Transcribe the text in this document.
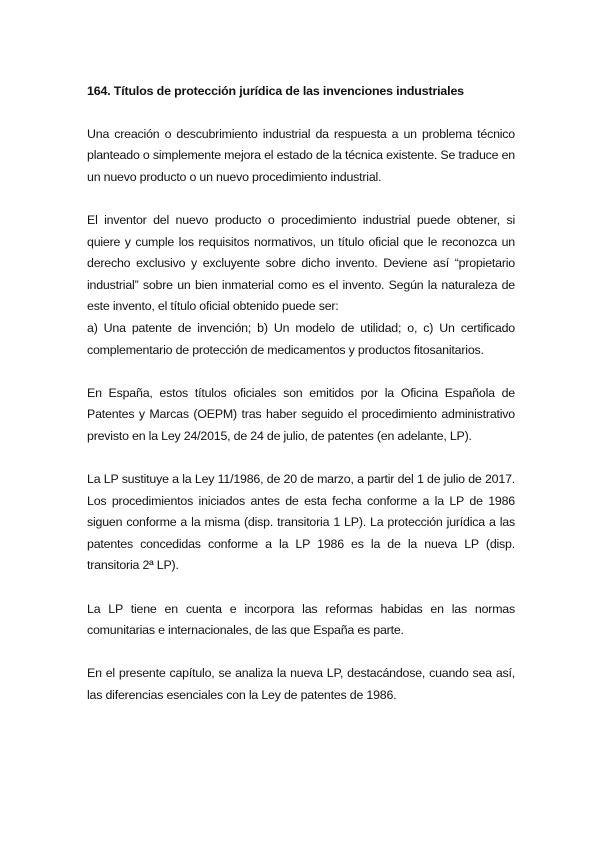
164. Títulos de protección jurídica de las invenciones industriales

Una creación o descubrimiento industrial da respuesta a un problema técnico planteado o simplemente mejora el estado de la técnica existente. Se traduce en un nuevo producto o un nuevo procedimiento industrial.

El inventor del nuevo producto o procedimiento industrial puede obtener, si quiere y cumple los requisitos normativos, un título oficial que le reconozca un derecho exclusivo y excluyente sobre dicho invento. Deviene así “propietario industrial” sobre un bien inmaterial como es el invento. Según la naturaleza de este invento, el título oficial obtenido puede ser:

a) Una patente de invención; b) Un modelo de utilidad; o, c) Un certificado complementario de protección de medicamentos y productos fitosanitarios.

En España, estos títulos oficiales son emitidos por la Oficina Española de Patentes y Marcas (OEPM) tras haber seguido el procedimiento administrativo previsto en la Ley 24/2015, de 24 de julio, de patentes (en adelante, LP).

La LP sustituye a la Ley 11/1986, de 20 de marzo, a partir del 1 de julio de 2017. Los procedimientos iniciados antes de esta fecha conforme a la LP de 1986 siguen conforme a la misma (disp. transitoria 1 LP). La protección jurídica a las patentes concedidas conforme a la LP 1986 es la de la nueva LP (disp. transitoria 2ª LP).

La LP tiene en cuenta e incorpora las reformas habidas en las normas comunitarias e internacionales, de las que España es parte.

En el presente capítulo, se analiza la nueva LP, destacándose, cuando sea así, las diferencias esenciales con la Ley de patentes de 1986.
